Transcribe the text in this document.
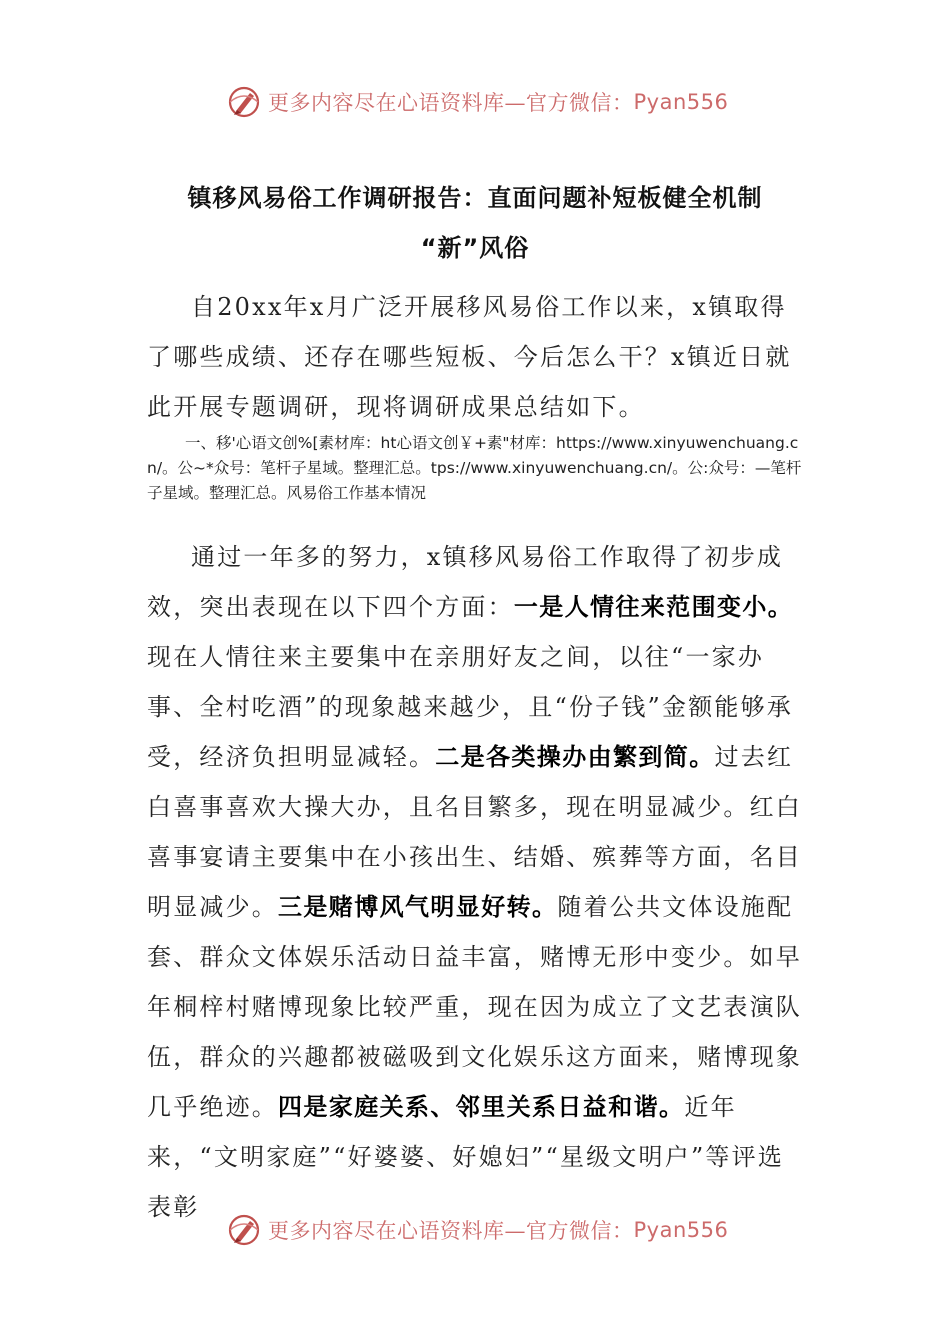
更多内容尽在心语资料库—官方微信： Pyan556
镇移风易俗工作调研报告：直面问题补短板健全机制
“新”风俗
自20xx年x月广泛开展移风易俗工作以来，x镇取得了哪些成绩、还存在哪些短板、今后怎么干？x镇近日就此开展专题调研，现将调研成果总结如下。
一、移'心语文创%[素材库：ht心语文创￥+素"材库：https://www.xinyuwenchuang.cn/。公~*众号：笔杆子星域。整理汇总。tps://www.xinyuwenchuang.cn/。公:众号：—笔杆子星域。整理汇总。风易俗工作基本情况
通过一年多的努力，x镇移风易俗工作取得了初步成效，突出表现在以下四个方面：一是人情往来范围变小。现在人情往来主要集中在亲朋好友之间，以往“一家办事、全村吃酒”的现象越来越少，且“份子钱”金额能够承受，经济负担明显减轻。二是各类操办由繁到简。过去红白喜事喜欢大操大办，且名目繁多，现在明显减少。红白喜事宴请主要集中在小孩出生、结婚、殡葬等方面，名目明显减少。三是赌博风气明显好转。随着公共文体设施配套、群众文体娱乐活动日益丰富，赌博无形中变少。如早年桐梓村赌博现象比较严重，现在因为成立了文艺表演队伍，群众的兴趣都被磁吸到文化娱乐这方面来，赌博现象几乎绝迹。四是家庭关系、邻里关系日益和谐。近年来，“文明家庭”“好婆婆、好媳妇”“星级文明户”等评选表彰
更多内容尽在心语资料库—官方微信： Pyan556
